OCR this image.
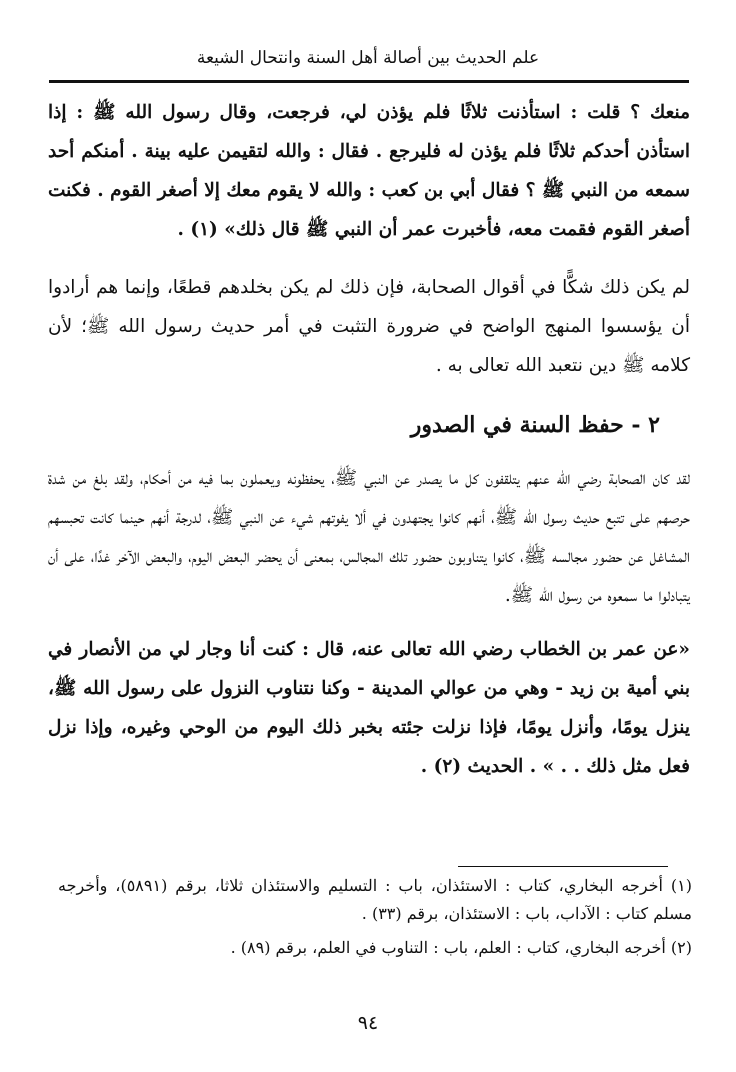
علم الحديث بين أصالة أهل السنة وانتحال الشيعة

منعك ؟ قلت : استأذنت ثلاثًا فلم يؤذن لي، فرجعت، وقال رسول الله ﷺ : إذا استأذن أحدكم ثلاثًا فلم يؤذن له فليرجع . فقال : والله لتقيمن عليه بينة . أمنكم أحد سمعه من النبي ﷺ ؟ فقال أبي بن كعب : والله لا يقوم معك إلا أصغر القوم . فكنت أصغر القوم فقمت معه، فأخبرت عمر أن النبي ﷺ قال ذلك» (١) .

لم يكن ذلك شكًّا في أقوال الصحابة، فإن ذلك لم يكن بخلدهم قطعًا، وإنما هم أرادوا أن يؤسسوا المنهج الواضح في ضرورة التثبت في أمر حديث رسول الله ﷺ؛ لأن كلامه ﷺ دين نتعبد الله تعالى به .

٢ - حفظ السنة في الصدور

لقد كان الصحابة رضي الله عنهم يتلقفون كل ما يصدر عن النبي ﷺ، يحفظونه ويعملون بما فيه من أحكام، ولقد بلغ من شدة حرصهم على تتبع حديث رسول الله ﷺ، أنهم كانوا يجتهدون في ألا يفوتهم شيء عن النبي ﷺ، لدرجة أنهم حينما كانت تحبسهم المشاغل عن حضور مجالسه ﷺ، كانوا يتناوبون حضور تلك المجالس، بمعنى أن يحضر البعض اليوم، والبعض الآخر غدًا، على أن يتبادلوا ما سمعوه من رسول الله ﷺ.

«عن عمر بن الخطاب رضي الله تعالى عنه، قال : كنت أنا وجار لي من الأنصار في بني أمية بن زيد - وهي من عوالي المدينة - وكنا نتناوب النزول على رسول الله ﷺ، ينزل يومًا، وأنزل يومًا، فإذا نزلت جئته بخبر ذلك اليوم من الوحي وغيره، وإذا نزل فعل مثل ذلك . . » . الحديث (٢) .

(١) أخرجه البخاري، كتاب : الاستئذان، باب : التسليم والاستئذان ثلاثا، برقم (٥٨٩١)، وأخرجه مسلم كتاب : الآداب، باب : الاستئذان، برقم (٣٣) .

(٢) أخرجه البخاري، كتاب : العلم، باب : التناوب في العلم، برقم (٨٩) .

٩٤
